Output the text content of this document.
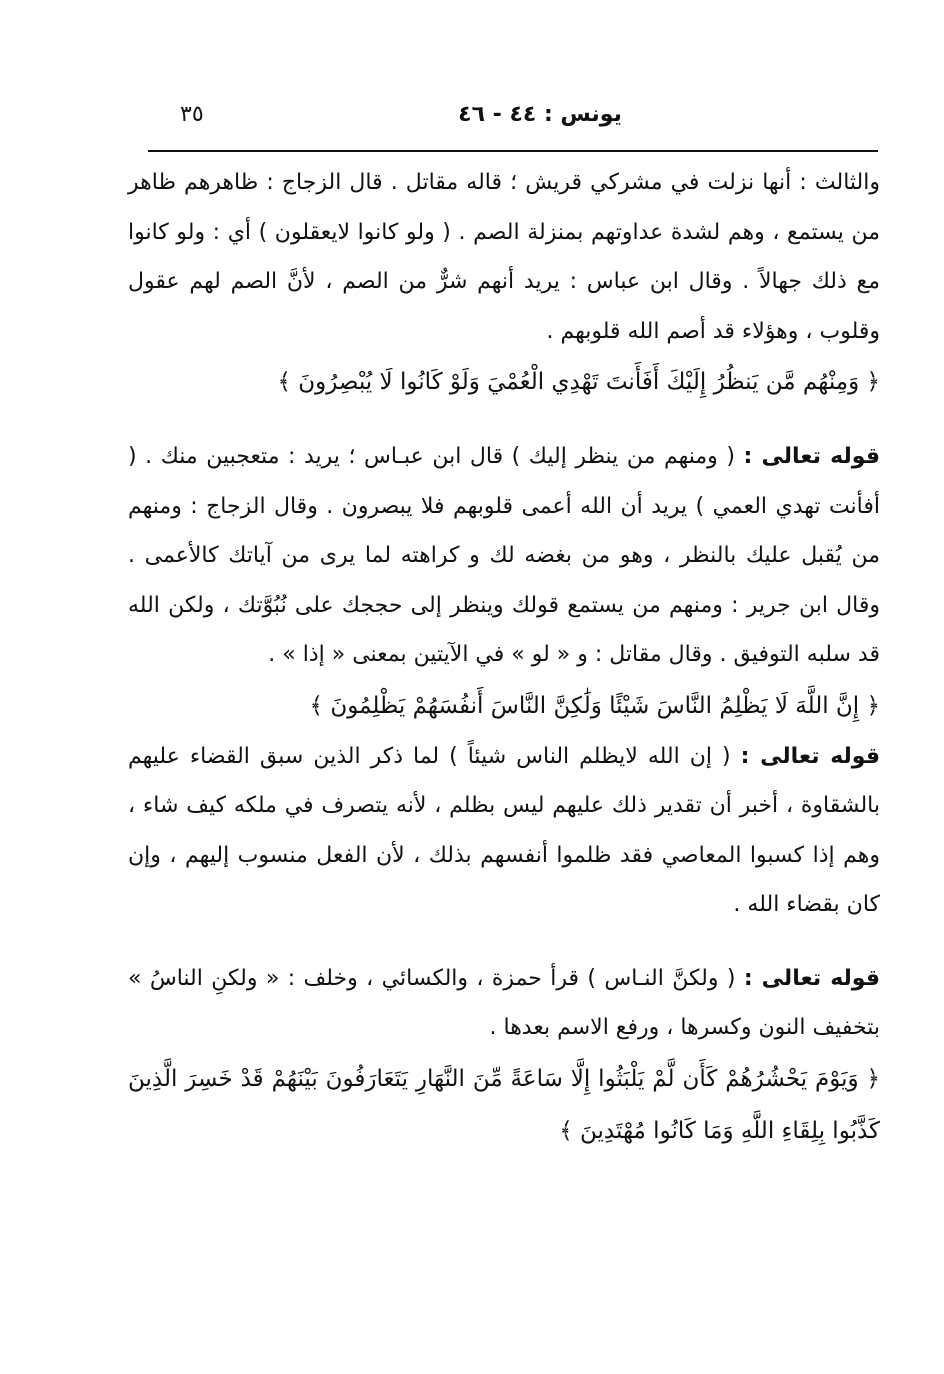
٣٥	يونس : ٤٤ - ٤٦

والثالث : أنها نزلت في مشركي قريش ؛ قاله مقاتل . قال الزجاج : ظاهرهم ظاهر من يستمع ، وهم لشدة عداوتهم بمنزلة الصم . ( ولو كانوا لايعقلون ) أي : ولو كانوا مع ذلك جهالاً . وقال ابن عباس : يريد أنهم شرٌّ من الصم ، لأنَّ الصم لهم عقول وقلوب ، وهؤلاء قد أصم الله قلوبهم .

﴿ وَمِنْهُم مَّن يَنظُرُ إِلَيْكَ أَفَأَنتَ تَهْدِي الْعُمْيَ وَلَوْ كَانُوا لَا يُبْصِرُونَ ﴾

قوله تعالى : ( ومنهم من ينظر إليك ) قال ابن عبـاس ؛ يريد : متعجبين منك . ( أفأنت تهدي العمي ) يريد أن الله أعمى قلوبهم فلا يبصرون . وقال الزجاج : ومنهم من يُقبل عليك بالنظر ، وهو من بغضه لك و كراهته لما يرى من آياتك كالأعمى . وقال ابن جرير : ومنهم من يستمع قولك وينظر إلى حججك على نُبُوَّتك ، ولكن الله قد سلبه التوفيق . وقال مقاتل : و « لو » في الآيتين بمعنى « إذا » .

﴿ إِنَّ اللَّهَ لَا يَظْلِمُ النَّاسَ شَيْئًا وَلَٰكِنَّ النَّاسَ أَنفُسَهُمْ يَظْلِمُونَ ﴾

قوله تعالى : ( إن الله لايظلم الناس شيئاً ) لما ذكر الذين سبق القضاء عليهم بالشقاوة ، أخبر أن تقدير ذلك عليهم ليس بظلم ، لأنه يتصرف في ملكه كيف شاء ، وهم إذا كسبوا المعاصي فقد ظلموا أنفسهم بذلك ، لأن الفعل منسوب إليهم ، وإن كان بقضاء الله .

قوله تعالى : ( ولكنَّ النـاس ) قرأ حمزة ، والكسائي ، وخلف : « ولكنِ الناسُ » بتخفيف النون وكسرها ، ورفع الاسم بعدها .

﴿ وَيَوْمَ يَحْشُرُهُمْ كَأَن لَّمْ يَلْبَثُوا إِلَّا سَاعَةً مِّنَ النَّهَارِ يَتَعَارَفُونَ بَيْنَهُمْ قَدْ خَسِرَ الَّذِينَ كَذَّبُوا بِلِقَاءِ اللَّهِ وَمَا كَانُوا مُهْتَدِينَ ﴾
